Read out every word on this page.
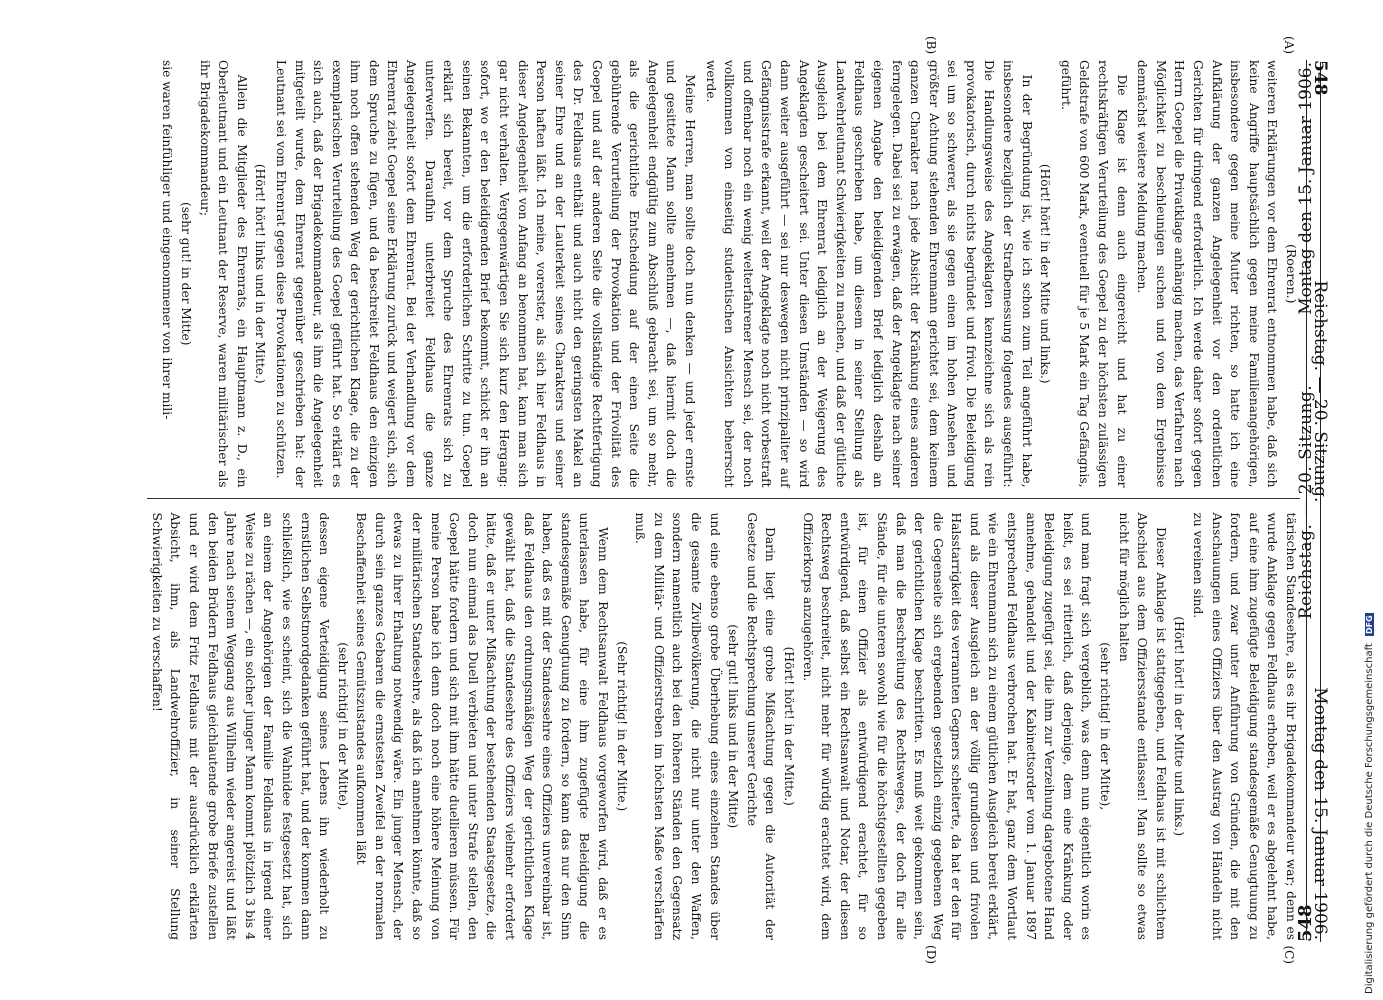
548
Reichstag. — 20. Sitzung.
Montag den 15. Januar 1906.
548
Reichstag. — 20. Sitzung.
Montag den 15. Januar 1906.
(Roeren.)
(A)
(B)

weiteren Erklärungen vor dem Ehrenrat entnommen habe, daß sich keine Angriffe hauptsächlich gegen meine Familienangehörigen, insbesondere gegen meine Mutter richten, so hatte ich eine Aufklärung der ganzen Angelegenheit vor den ordentlichen Gerichten für dringend erforderlich. Ich werde daher sofort gegen Herrn Goepel die Privatklage anhängig machen, das Verfahren nach Möglichkeit zu beschleunigen suchen und von dem Ergebnisse demnächst weitere Meldung machen.

Die Klage ist denn auch eingereicht und hat zu einer rechtskräftigen Verurteilung des Goepel zu der höchsten zulässigen Geldstrafe von 600 Mark, eventuell für je 5 Mark ein Tag Gefängnis, geführt.

(Hört! hört! in der Mitte und links.)

In der Begründung ist, wie ich schon zum Teil angeführt habe, insbesondere bezüglich der Strafbemessung folgendes ausgeführt: Die Handlungsweise des Angeklagten kennzeichne sich als rein provokatorisch, durch nichts begründet und frivol. Die Beleidigung sei um so schwerer, als sie gegen einen im hohen Ansehen und größter Achtung stehenden Ehrenmann gerichtet sei, dem keinem ganzen Charakter nach jede Absicht der Kränkung eines anderen ferngelegen. Dabei sei zu erwägen, daß der Angeklagte nach seiner eigenen Angabe den beleidigenden Brief lediglich deshalb an Feldhaus geschrieben habe, um diesem in seiner Stellung als Landwehrleutnant Schwierigkeiten zu machen, und daß der gütliche Ausgleich bei dem Ehrenrat lediglich an der Weigerung des Angeklagten gescheitert sei. Unter diesen Umständen — so wird dann weiter ausgeführt — sei nur deswegen nicht prinzipaliter auf Gefängnisstrafe erkannt, weil der Angeklagte noch nicht vorbestraft und offenbar noch ein wenig welterfahrener Mensch sei, der noch vollkommen von einseitig studentischen Ansichten beherrscht werde.

Meine Herren, man sollte doch nun denken — und jeder ernste und gesittete Mann sollte annehmen —, daß hiermit doch die Angelegenheit endgültig zum Abschluß gebracht sei, um so mehr, als die gerichtliche Entscheidung auf der einen Seite die gebührende Verurteilung der Provokation und der Frivolität des Goepel und auf der anderen Seite die vollständige Rechtfertigung des Dr. Feldhaus enthält und auch nicht den geringsten Makel an seiner Ehre und an der Lauterkeit seines Charakters und seiner Person haften läßt. Ich meine, vorerster, als sich hier Feldhaus in dieser Angelegenheit von Anfang an benommen hat, kann man sich gar nicht verhalten. Vergegenwärtigen Sie sich kurz den Hergang: sofort, wo er den beleidigenden Brief bekommt, schickt er ihn an seinen Bekannten, um die erforderlichen Schritte zu tun. Goepel erklärt sich bereit, vor dem Spruche des Ehrenrats sich zu unterwerfen. Daraufhin unterbreitet Feldhaus die ganze Angelegenheit sofort dem Ehrenrat. Bei der Verhandlung vor dem Ehrenrat zieht Goepel seine Erklärung zurück und weigert sich, sich dem Spruche zu fügen, und da beschreitet Feldhaus den einzigen ihm noch offen stehenden Weg der gerichtlichen Klage, die zu der exemplarischen Verurteilung des Goepel geführt hat. So erklärt es sich auch, daß der Brigadekommandeur, als ihm die Angelegenheit mitgeteilt wurde, dem Ehrenrat gegenüber geschrieben hat: der Leutnant sei vom Ehrenrat gegen diese Provokationen zu schützen.

(Hört! hört! links und in der Mitte.)

Allein die Mitglieder des Ehrenrats, ein Hauptmann z. D., ein Oberleutnant und ein Leutnant der Reserve, waren militärischer als ihr Brigadekommandeur;

(sehr gut! in der Mitte)

sie waren feinfühliger und eingenommener von ihrer mili-

(C)
(D)

tärischen Standesehre, als es ihr Brigadekommandeur war; denn es wurde Anklage gegen Feldhaus erhoben, weil er es abgelehnt habe, auf eine ihm zugefügte Beleidigung standesgemäße Genugtuung zu fordern, und zwar unter Anführung von Gründen, die mit den Anschauungen eines Offiziers über den Austrag von Händeln nicht zu vereinen sind.

(Hört! hört! in der Mitte und links.)

Dieser Anklage ist stattgegeben, und Feldhaus ist mit schlichtem Abschied aus dem Offiziersstande entlassen! Man sollte so etwas nicht für möglich halten

(sehr richtig! in der Mitte),

und man fragt sich vergeblich, was denn nun eigentlich worin es heißt, es sei ritterlich, daß derjenige, dem eine Kränkung oder Beleidigung zugefügt sei, die ihm zur Verzeihung dargebotene Hand annehme, gehandelt und der Kabinettsorder vom 1. Januar 1897 entsprechend Feldhaus verbrochen hat. Er hat, ganz dem Wortlaut wie ein Ehrenmann sich zu einem gütlichen Ausgleich bereit erklärt, und als dieser Ausgleich an der völlig grundlosen und frivolen Halsstarrigkeit des verrannten Gegners scheiterte, da hat er den für die Gegenseite sich ergebenden gesetzlich einzig gegebenen Weg der gerichtlichen Klage beschritten. Es muß weit gekommen sein, daß man die Beschreitung des Rechtsweges, der doch für alle Stände, für die unteren sowohl wie für die höchstgestellten gegeben ist, für einen Offizier als entwürdigend erachtet, für so entwürdigend, daß selbst ein Rechtsanwalt und Notar, der diesen Rechtsweg beschreitet, nicht mehr für würdig erachtet wird, dem Offizierkorps anzugehören.

(Hört! hört! in der Mitte.)

Darin liegt eine grobe Mißachtung gegen die Autorität der Gesetze und die Rechtsprechung unserer Gerichte

(sehr gut! links und in der Mitte)

und eine ebenso grobe Überhebung eines einzelnen Standes über die gesamte Zivilbevölkerung, die nicht nur unter den Waffen, sondern namentlich auch bei den höheren Ständen den Gegensatz zu dem Militär- und Offizierstreben im höchsten Maße verschärfen muß.

(Sehr richtig! in der Mitte.)

Wenn dem Rechtsanwalt Feldhaus vorgeworfen wird, daß er es unterlassen habe, für eine ihm zugefügte Beleidigung die standesgemäße Genugtuung zu fordern, so kann das nur den Sinn haben, daß es mit der Standessehre eines Offiziers unvereinbar ist, daß Feldhaus den ordnungsmäßigen Weg der gerichtlichen Klage gewählt hat, daß die Standesehre des Offiziers vielmehr erfordert hätte, daß er unter Mißachtung der bestehenden Staatsgesetze, die doch nun einmal das Duell verbieten und unter Strafe stellen, den Goepel hätte fordern und sich mit ihm hätte duellieren müssen. Für meine Person habe ich denn doch noch eine höhere Meinung von der militärischen Standesehre, als daß ich annehmen könnte, daß so etwas zu ihrer Erhaltung notwendig wäre. Ein junger Mensch, der durch sein ganzes Gebaren die ernstesten Zweifel an der normalen Beschaffenheit seines Gemütszustandes aufkommen läßt

(sehr richtig! in der Mitte),

dessen eigene Verteidigung seines Lebens ihn wiederholt zu ernstlichen Selbstmordgedanken geführt hat, und der kommen dann schließlich, wie es scheint, sich die Wahnidee festgesetzt hat, sich an einem der Angehörigen der Familie Feldhaus in irgend einer Weise zu rächen —, ein solcher junger Mann kommt plötzlich 3 bis 4 Jahre nach seinem Weggang aus Wilhelm wieder angereist und läßt den beiden Brüdern Feldhaus gleichlautende grobe Briefe zustellen und er wird dem Fritz Feldhaus mit der ausdrücklich erklärten Absicht, ihm, als Landwehroffizier, in seiner Stellung Schwierigkeiten zu verschaffen!

Digitalisierung gefördert durch die Deutsche Forschungsgemeinschaft DFG
